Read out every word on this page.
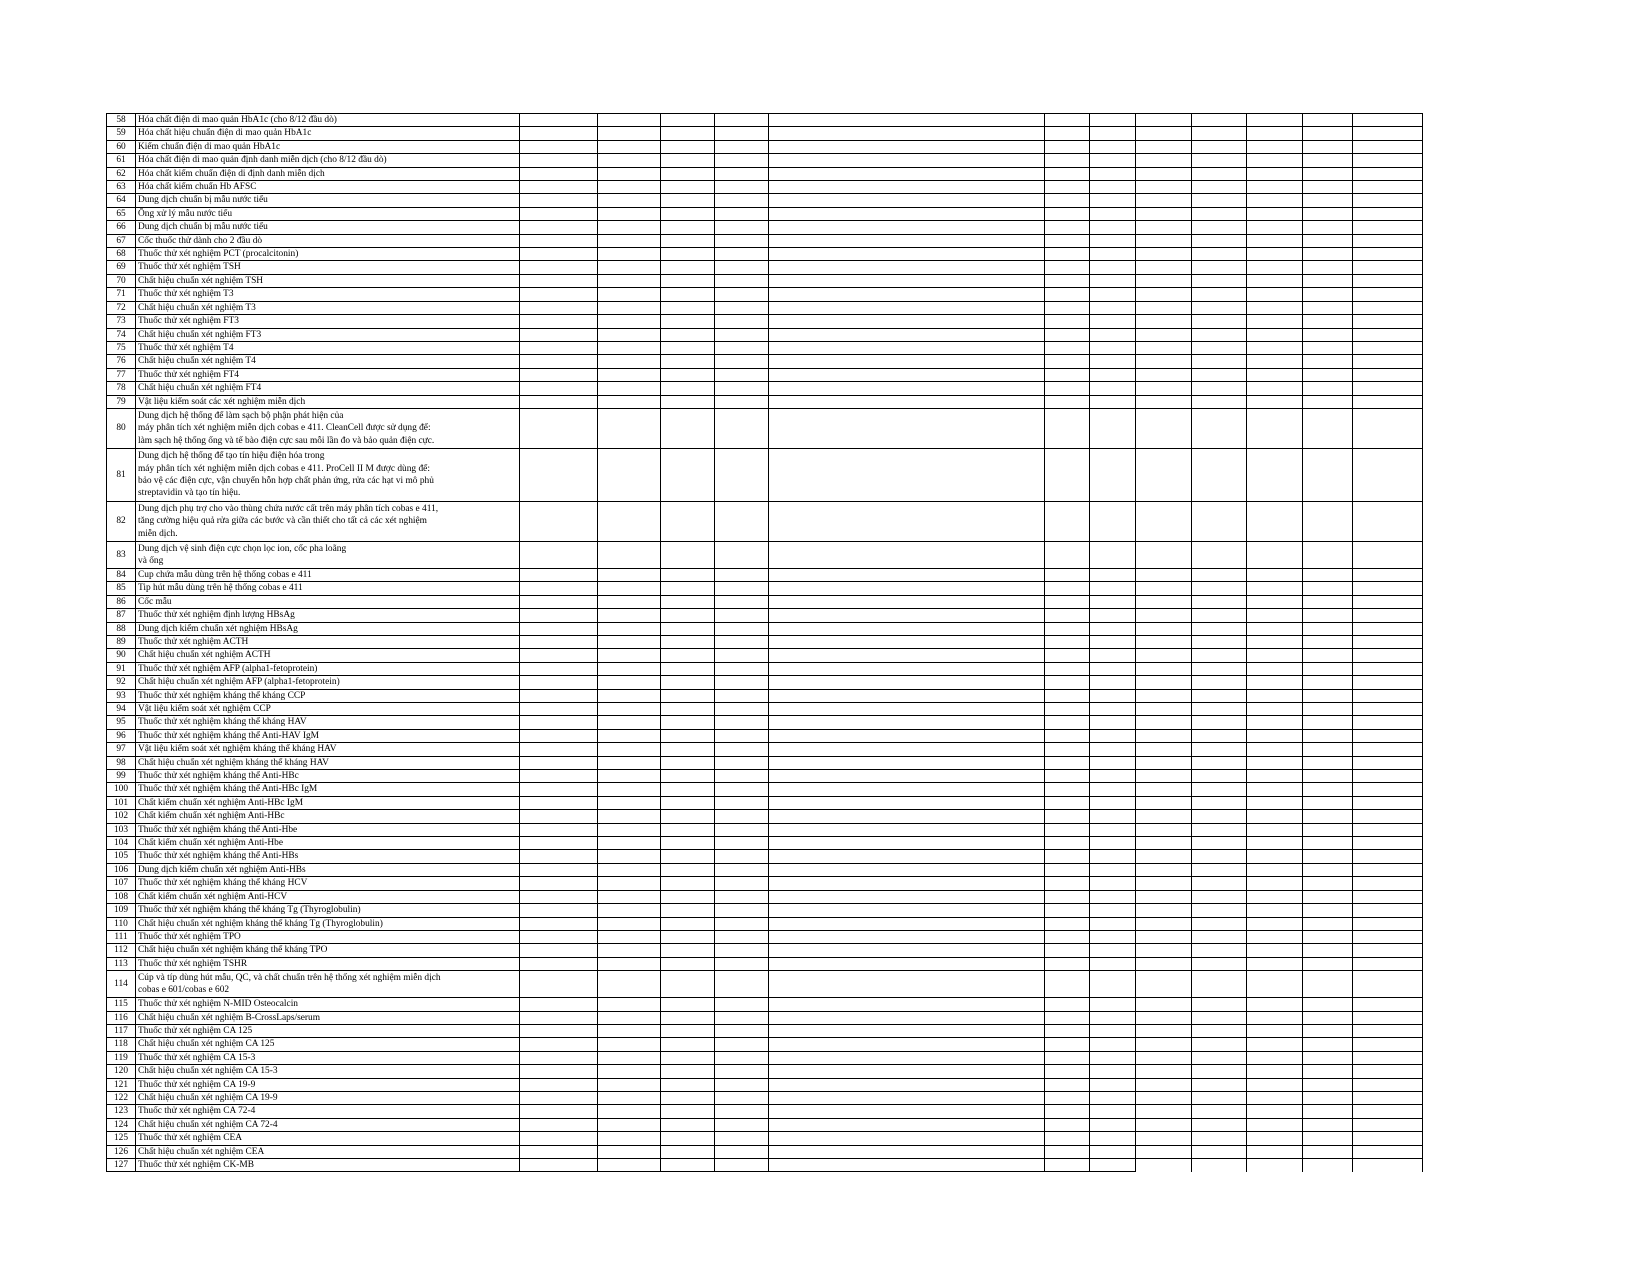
58	Hóa chất điện di mao quản HbA1c (cho 8/12 đầu dò)												

59	Hóa chất hiệu chuẩn điện di mao quản HbA1c												

60	Kiểm chuẩn điện di mao quản HbA1c												

61	Hóa chất điện di mao quản định danh miễn dịch (cho 8/12 đầu dò)												

62	Hóa chất kiểm chuẩn điện di định danh miễn dịch												

63	Hóa chất kiểm chuẩn Hb AFSC												

64	Dung dịch chuẩn bị mẫu nước tiểu												

65	Ống xử lý mẫu nước tiểu												

66	Dung dịch chuẩn bị mẫu nước tiểu												

67	Cốc thuốc thử dành cho 2 đầu dò												

68	Thuốc thử xét nghiệm PCT (procalcitonin)												

69	Thuốc thử xét nghiệm TSH												

70	Chất hiệu chuẩn xét nghiệm TSH												

71	Thuốc thử xét nghiệm T3												

72	Chất hiệu chuẩn xét nghiệm T3												

73	Thuốc thử xét nghiệm FT3												

74	Chất hiệu chuẩn xét nghiệm FT3												

75	Thuốc thử xét nghiệm T4												

76	Chất hiệu chuẩn xét nghiệm T4												

77	Thuốc thử xét nghiệm FT4												

78	Chất hiệu chuẩn xét nghiệm FT4												

79	Vật liệu kiểm soát các xét nghiệm miễn dịch												

80	Dung dịch hệ thống để làm sạch bộ phận phát hiện của
máy phân tích xét nghiệm miễn dịch cobas e 411. CleanCell được sử dụng để:
làm sạch hệ thống ống và tế bào điện cực sau mỗi lần đo và bảo quản điện cực.												

81	Dung dịch hệ thống để tạo tín hiệu điện hóa trong
máy phân tích xét nghiệm miễn dịch cobas e 411. ProCell II M được dùng để:
bảo vệ các điện cực, vận chuyển hỗn hợp chất phản ứng, rửa các hạt vi mô phủ
streptavidin và tạo tín hiệu.												

82	Dung dịch phụ trợ cho vào thùng chứa nước cất trên máy phân tích cobas e 411,
tăng cường hiệu quả rửa giữa các bước và cần thiết cho tất cả các xét nghiệm
miễn dịch.												

83	Dung dịch vệ sinh điện cực chọn lọc ion, cốc pha loãng
và ống												

84	Cup chứa mẫu dùng trên hệ thống cobas e 411												

85	Tip hút mẫu dùng trên hệ thống cobas e 411												

86	Cốc mẫu												

87	Thuốc thử xét nghiệm định lượng HBsAg												

88	Dung dịch kiểm chuẩn xét nghiệm HBsAg												

89	Thuốc thử xét nghiệm ACTH												

90	Chất hiệu chuẩn xét nghiệm ACTH												

91	Thuốc thử xét nghiệm AFP (alpha1-fetoprotein)												

92	Chất hiệu chuẩn xét nghiệm AFP (alpha1-fetoprotein)												

93	Thuốc thử xét nghiệm kháng thể kháng CCP												

94	Vật liệu kiểm soát xét nghiệm CCP												

95	Thuốc thử xét nghiệm kháng thể kháng HAV												

96	Thuốc thử xét nghiệm kháng thể Anti-HAV IgM												

97	Vật liệu kiểm soát xét nghiệm kháng thể kháng HAV												

98	Chất hiệu chuẩn xét nghiệm kháng thể kháng HAV												

99	Thuốc thử xét nghiệm kháng thể Anti-HBc												

100	Thuốc thử xét nghiệm kháng thể Anti-HBc IgM												

101	Chất kiểm chuẩn xét nghiệm Anti-HBc IgM												

102	Chất kiểm chuẩn xét nghiệm Anti-HBc												

103	Thuốc thử xét nghiệm kháng thể Anti-Hbe												

104	Chất kiểm chuẩn xét nghiệm Anti-Hbe												

105	Thuốc thử xét nghiệm kháng thể Anti-HBs												

106	Dung dịch kiểm chuẩn xét nghiệm Anti-HBs												

107	Thuốc thử xét nghiệm kháng thể kháng HCV												

108	Chất kiểm chuẩn xét nghiệm Anti-HCV												

109	Thuốc thử xét nghiệm kháng thể kháng Tg (Thyroglobulin)												

110	Chất hiệu chuẩn xét nghiệm kháng thể kháng Tg (Thyroglobulin)												

111	Thuốc thử xét nghiệm TPO												

112	Chất hiệu chuẩn xét nghiệm kháng thể kháng TPO												

113	Thuốc thử xét nghiệm TSHR												

114	Cúp và típ dùng hút mẫu, QC, và chất chuẩn trên hệ thống xét nghiệm miễn dịch
cobas e 601/cobas e 602												

115	Thuốc thử xét nghiệm N-MID Osteocalcin												

116	Chất hiệu chuẩn xét nghiệm B-CrossLaps/serum												

117	Thuốc thử xét nghiệm CA 125												

118	Chất hiệu chuẩn xét nghiệm CA 125												

119	Thuốc thử xét nghiệm CA 15-3												

120	Chất hiệu chuẩn xét nghiệm CA 15-3												

121	Thuốc thử xét nghiệm CA 19-9												

122	Chất hiệu chuẩn xét nghiệm CA 19-9												

123	Thuốc thử xét nghiệm CA 72-4												

124	Chất hiệu chuẩn xét nghiệm CA 72-4												

125	Thuốc thử xét nghiệm CEA												

126	Chất hiệu chuẩn xét nghiệm CEA												

127	Thuốc thử xét nghiệm CK-MB												
